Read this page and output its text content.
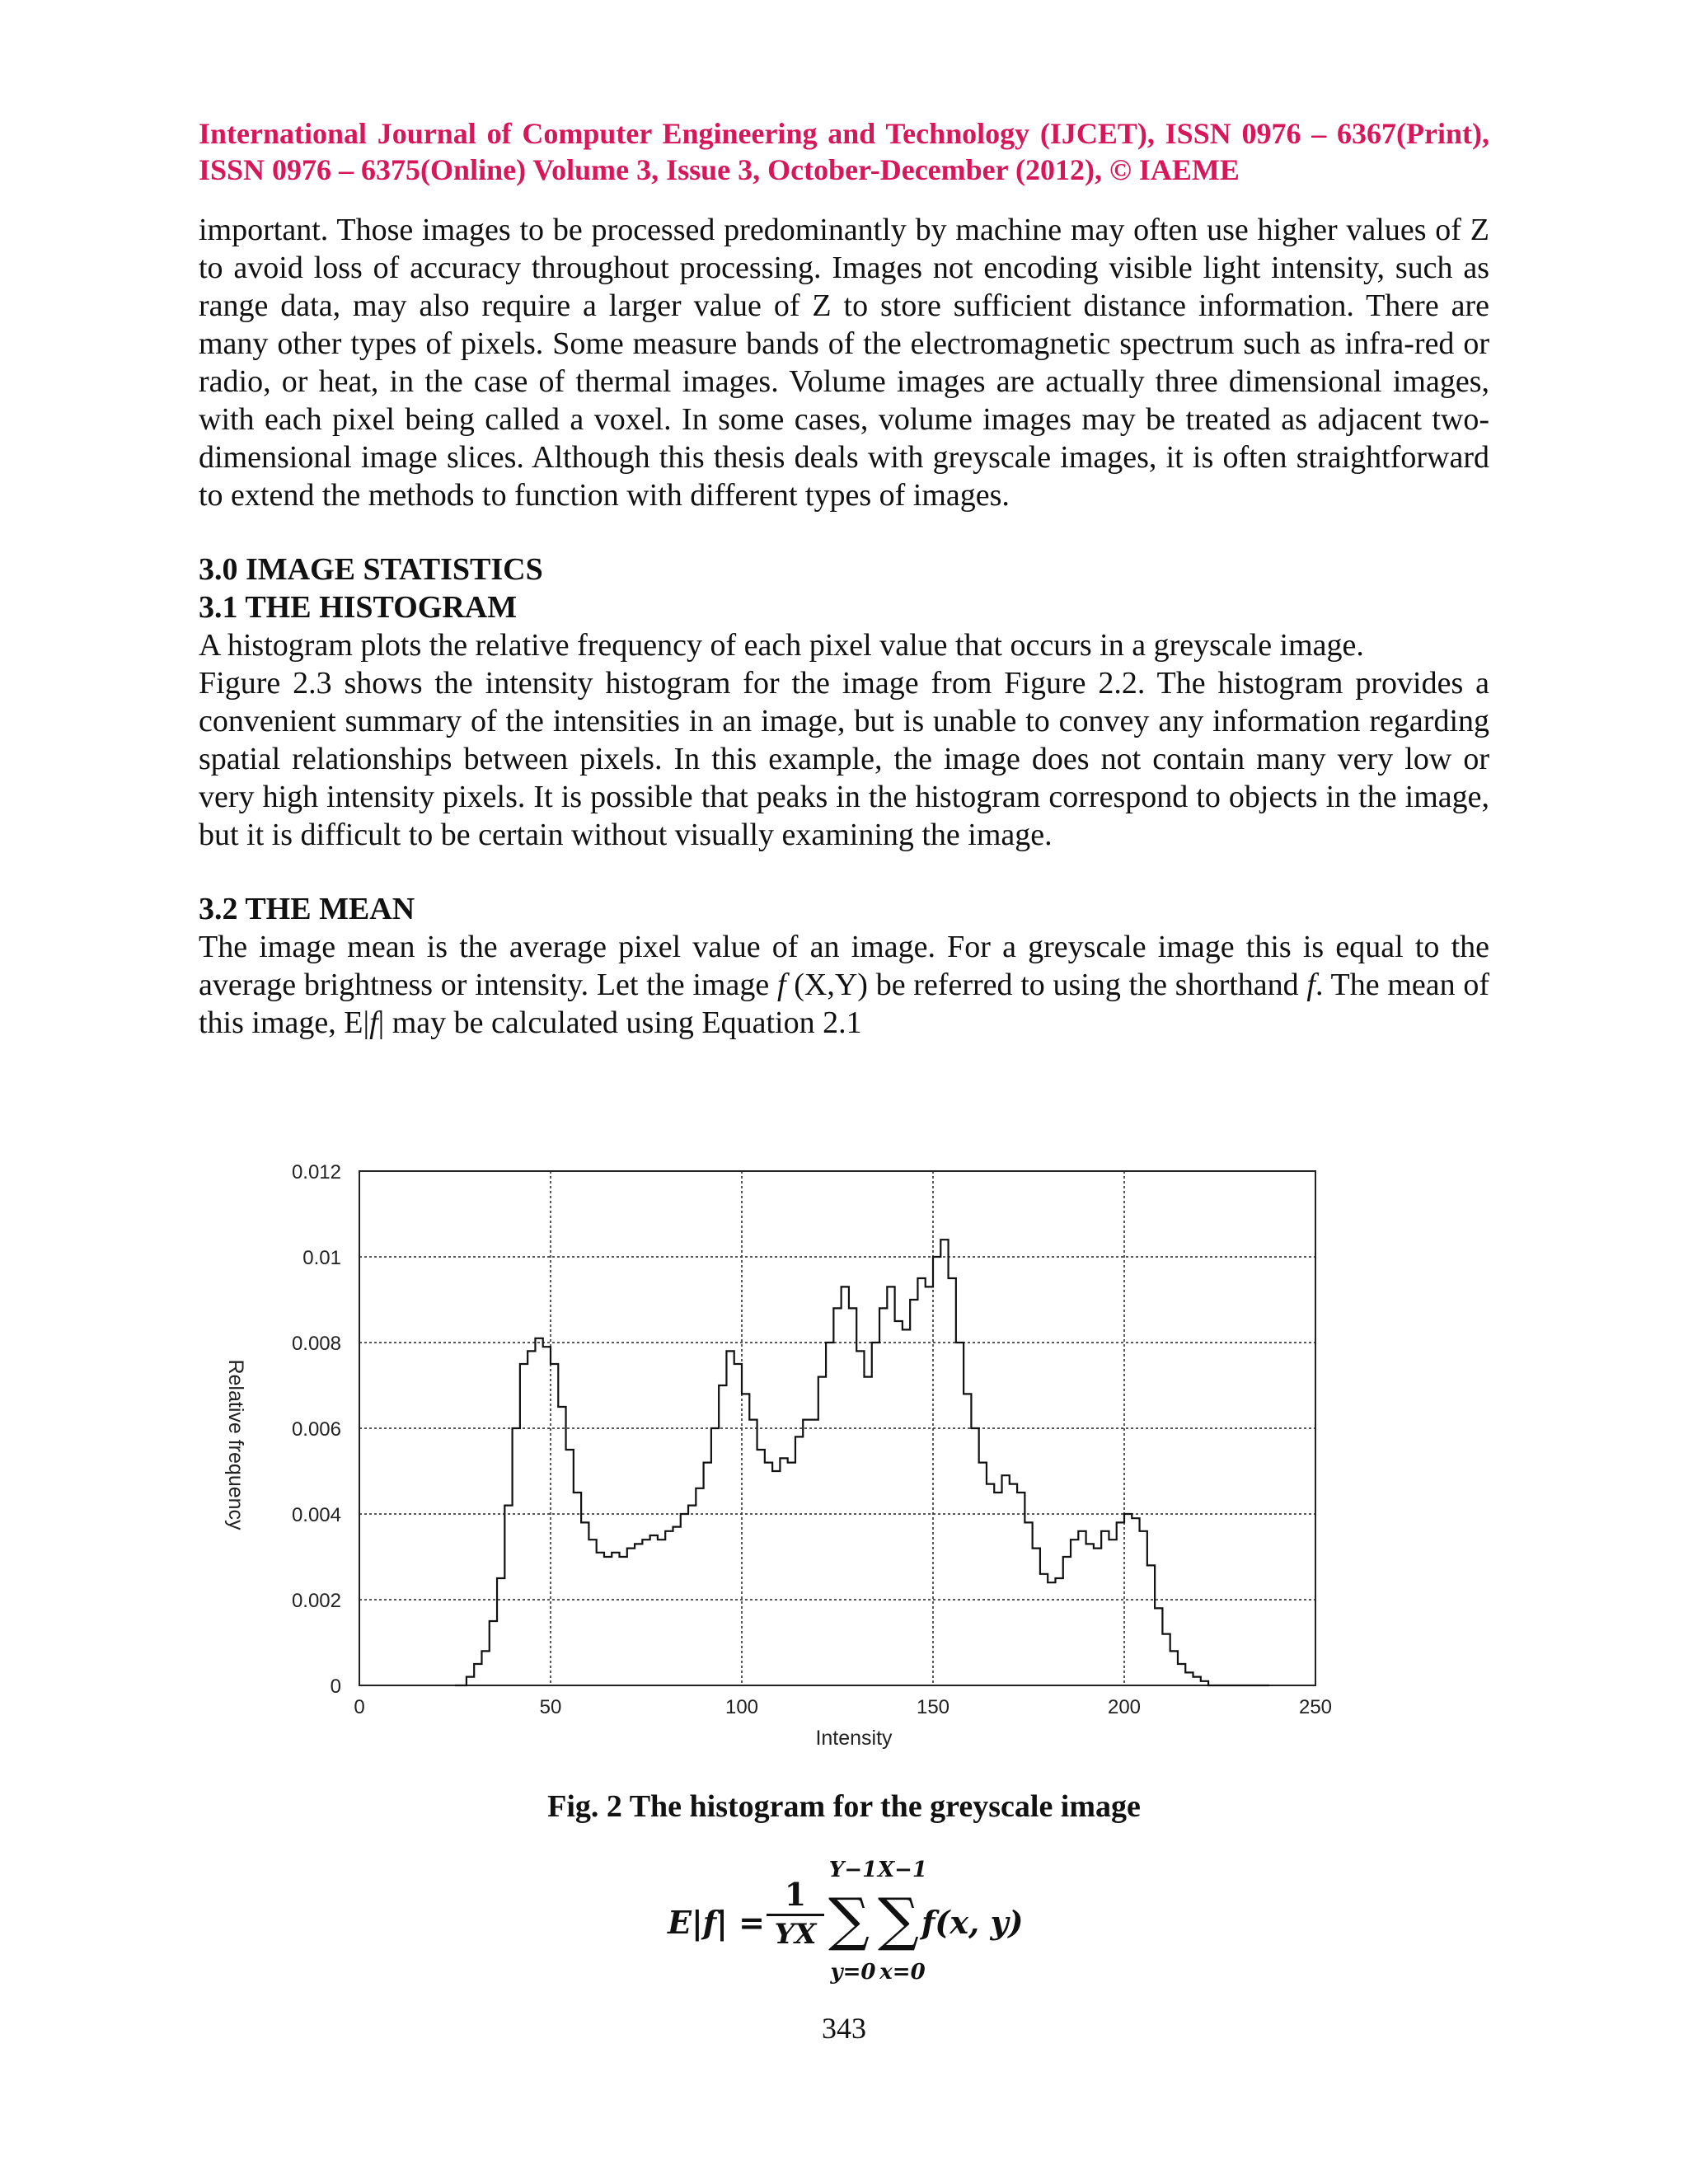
International Journal of Computer Engineering and Technology (IJCET), ISSN 0976 – 6367(Print), ISSN 0976 – 6375(Online) Volume 3, Issue 3, October-December (2012), © IAEME

important. Those images to be processed predominantly by machine may often use higher values of Z to avoid loss of accuracy throughout processing. Images not encoding visible light intensity, such as range data, may also require a larger value of Z to store sufficient distance information. There are many other types of pixels. Some measure bands of the electromagnetic spectrum such as infra-red or radio, or heat, in the case of thermal images. Volume images are actually three dimensional images, with each pixel being called a voxel. In some cases, volume images may be treated as adjacent two-dimensional image slices. Although this thesis deals with greyscale images, it is often straightforward to extend the methods to function with different types of images.

3.0 IMAGE STATISTICS

3.1 THE HISTOGRAM

A histogram plots the relative frequency of each pixel value that occurs in a greyscale image.

Figure 2.3 shows the intensity histogram for the image from Figure 2.2. The histogram provides a convenient summary of the intensities in an image, but is unable to convey any information regarding spatial relationships between pixels. In this example, the image does not contain many very low or very high intensity pixels. It is possible that peaks in the histogram correspond to objects in the image, but it is difficult to be certain without visually examining the image.

3.2 THE MEAN

The image mean is the average pixel value of an image. For a greyscale image this is equal to the average brightness or intensity. Let the image f (X,Y) be referred to using the shorthand f. The mean of this image, E|f| may be calculated using Equation 2.1

0
0.002
0.004
0.006
0.008
0.01
0.012
0	50	100	150	200	250
Intensity
Relative frequency
Fig. 2 The histogram for the greyscale image
E|f| =
1
YX
Y−1
∑
y=0
X−1
∑
x=0
f(x, y)
343
